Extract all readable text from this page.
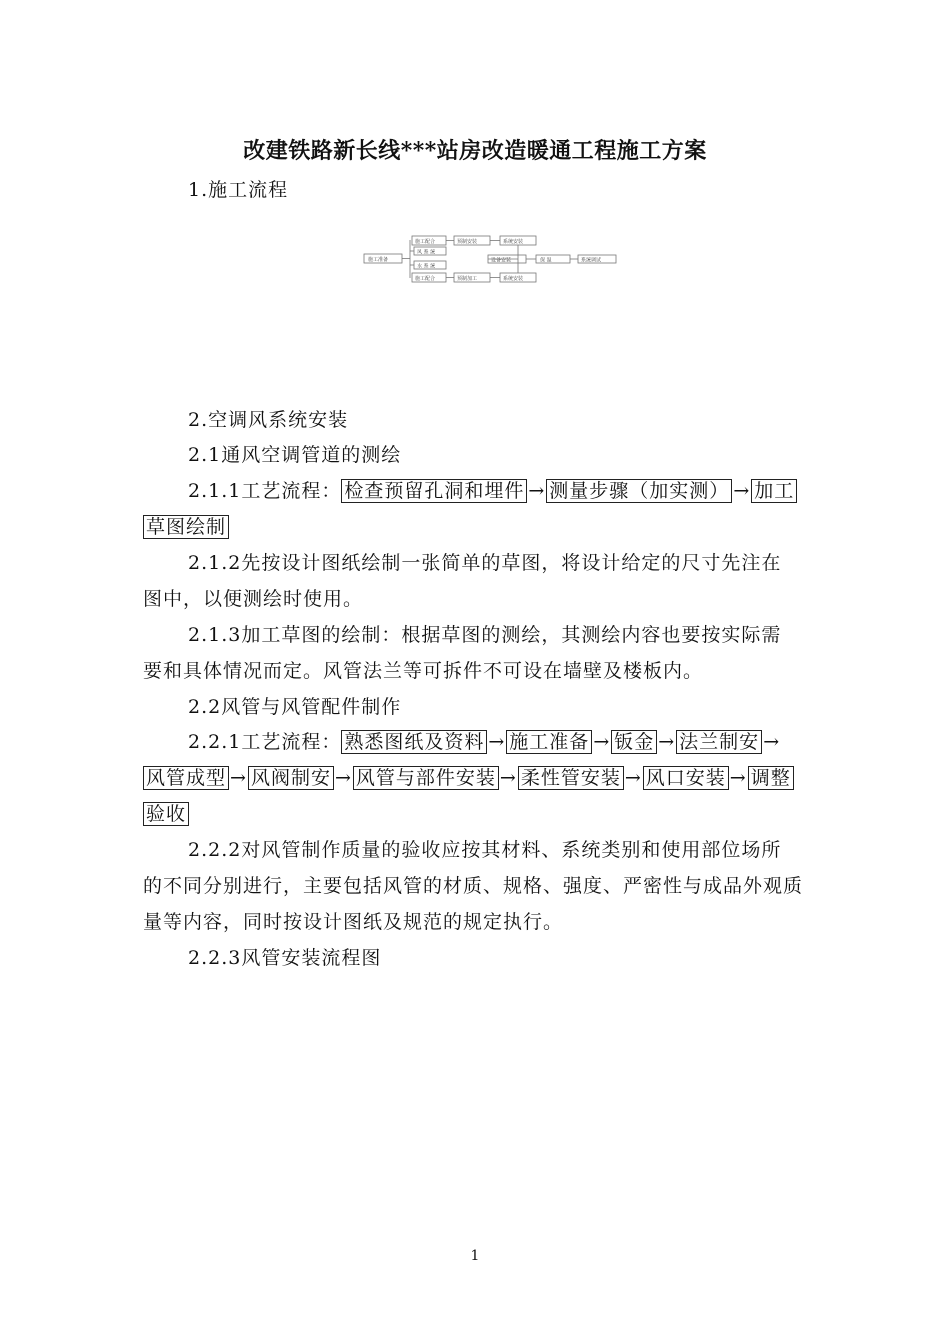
改建铁路新长线***站房改造暖通工程施工方案
1.施工流程
施工准备
施工配合	预制安装	系统安装
风 系 统
水 系 统
施工配合	预制加工	系统安装
设备安装	保 温	系统调试
2.空调风系统安装
2.1通风空调管道的测绘
2.1.1工艺流程： 检查预留孔洞和埋件 → 测量步骤（加实测） → 加工
草图绘制
2.1.2先按设计图纸绘制一张简单的草图，将设计给定的尺寸先注在
图中，以便测绘时使用。
2.1.3加工草图的绘制：根据草图的测绘，其测绘内容也要按实际需
要和具体情况而定。风管法兰等可拆件不可设在墙壁及楼板内。
2.2风管与风管配件制作
2.2.1工艺流程： 熟悉图纸及资料 → 施工准备 → 钣金 → 法兰制安 →
风管成型 → 风阀制安 → 风管与部件安装 → 柔性管安装 → 风口安装 → 调整
验收
2.2.2对风管制作质量的验收应按其材料、系统类别和使用部位场所
的不同分别进行，主要包括风管的材质、规格、强度、严密性与成品外观质
量等内容，同时按设计图纸及规范的规定执行。
2.2.3风管安装流程图
1
